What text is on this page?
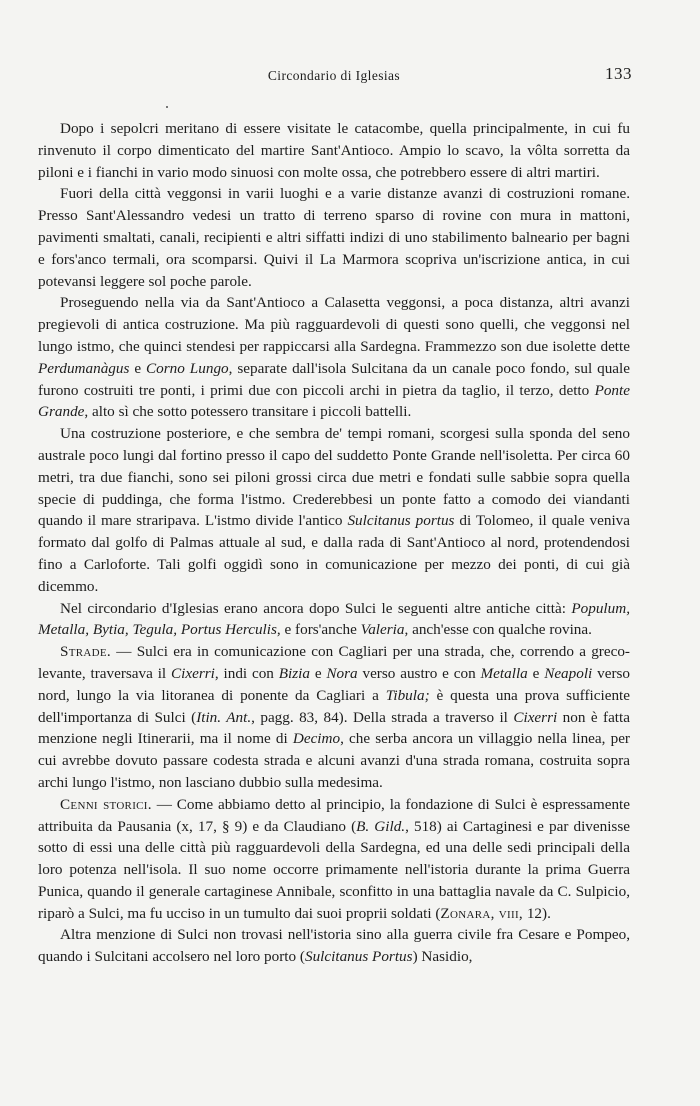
Circondario di Iglesias	133

Dopo i sepolcri meritano di essere visitate le catacombe, quella principalmente, in cui fu rinvenuto il corpo dimenticato del martire Sant'Antioco. Ampio lo scavo, la vôlta sorretta da piloni e i fianchi in vario modo sinuosi con molte ossa, che potrebbero essere di altri martiri.

Fuori della città veggonsi in varii luoghi e a varie distanze avanzi di costruzioni romane. Presso Sant'Alessandro vedesi un tratto di terreno sparso di rovine con mura in mattoni, pavimenti smaltati, canali, recipienti e altri siffatti indizi di uno stabilimento balneario per bagni e fors'anco termali, ora scomparsi. Quivi il La Marmora scopriva un'iscrizione antica, in cui potevansi leggere sol poche parole.

Proseguendo nella via da Sant'Antioco a Calasetta veggonsi, a poca distanza, altri avanzi pregievoli di antica costruzione. Ma più ragguardevoli di questi sono quelli, che veggonsi nel lungo istmo, che quinci stendesi per rappiccarsi alla Sardegna. Frammezzo son due isolette dette Perdumanàgus e Corno Lungo, separate dall'isola Sulcitana da un canale poco fondo, sul quale furono costruiti tre ponti, i primi due con piccoli archi in pietra da taglio, il terzo, detto Ponte Grande, alto sì che sotto potessero transitare i piccoli battelli.

Una costruzione posteriore, e che sembra de' tempi romani, scorgesi sulla sponda del seno australe poco lungi dal fortino presso il capo del suddetto Ponte Grande nell'isoletta. Per circa 60 metri, tra due fianchi, sono sei piloni grossi circa due metri e fondati sulle sabbie sopra quella specie di puddinga, che forma l'istmo. Crederebbesi un ponte fatto a comodo dei viandanti quando il mare straripava. L'istmo divide l'antico Sulcitanus portus di Tolomeo, il quale veniva formato dal golfo di Palmas attuale al sud, e dalla rada di Sant'Antioco al nord, protendendosi fino a Carloforte. Tali golfi oggidì sono in comunicazione per mezzo dei ponti, di cui già dicemmo.

Nel circondario d'Iglesias erano ancora dopo Sulci le seguenti altre antiche città: Populum, Metalla, Bytia, Tegula, Portus Herculis, e fors'anche Valeria, anch'esse con qualche rovina.

Strade. — Sulci era in comunicazione con Cagliari per una strada, che, correndo a greco-levante, traversava il Cixerri, indi con Bizia e Nora verso austro e con Metalla e Neapoli verso nord, lungo la via litoranea di ponente da Cagliari a Tibula; è questa una prova sufficiente dell'importanza di Sulci (Itin. Ant., pagg. 83, 84). Della strada a traverso il Cixerri non è fatta menzione negli Itinerarii, ma il nome di Decimo, che serba ancora un villaggio nella linea, per cui avrebbe dovuto passare codesta strada e alcuni avanzi d'una strada romana, costruita sopra archi lungo l'istmo, non lasciano dubbio sulla medesima.

Cenni storici. — Come abbiamo detto al principio, la fondazione di Sulci è espressamente attribuita da Pausania (x, 17, § 9) e da Claudiano (B. Gild., 518) ai Cartaginesi e par divenisse sotto di essi una delle città più ragguardevoli della Sardegna, ed una delle sedi principali della loro potenza nell'isola. Il suo nome occorre primamente nell'istoria durante la prima Guerra Punica, quando il generale cartaginese Annibale, sconfitto in una battaglia navale da C. Sulpicio, riparò a Sulci, ma fu ucciso in un tumulto dai suoi proprii soldati (Zonara, viii, 12).

Altra menzione di Sulci non trovasi nell'istoria sino alla guerra civile fra Cesare e Pompeo, quando i Sulcitani accolsero nel loro porto (Sulcitanus Portus) Nasidio,
